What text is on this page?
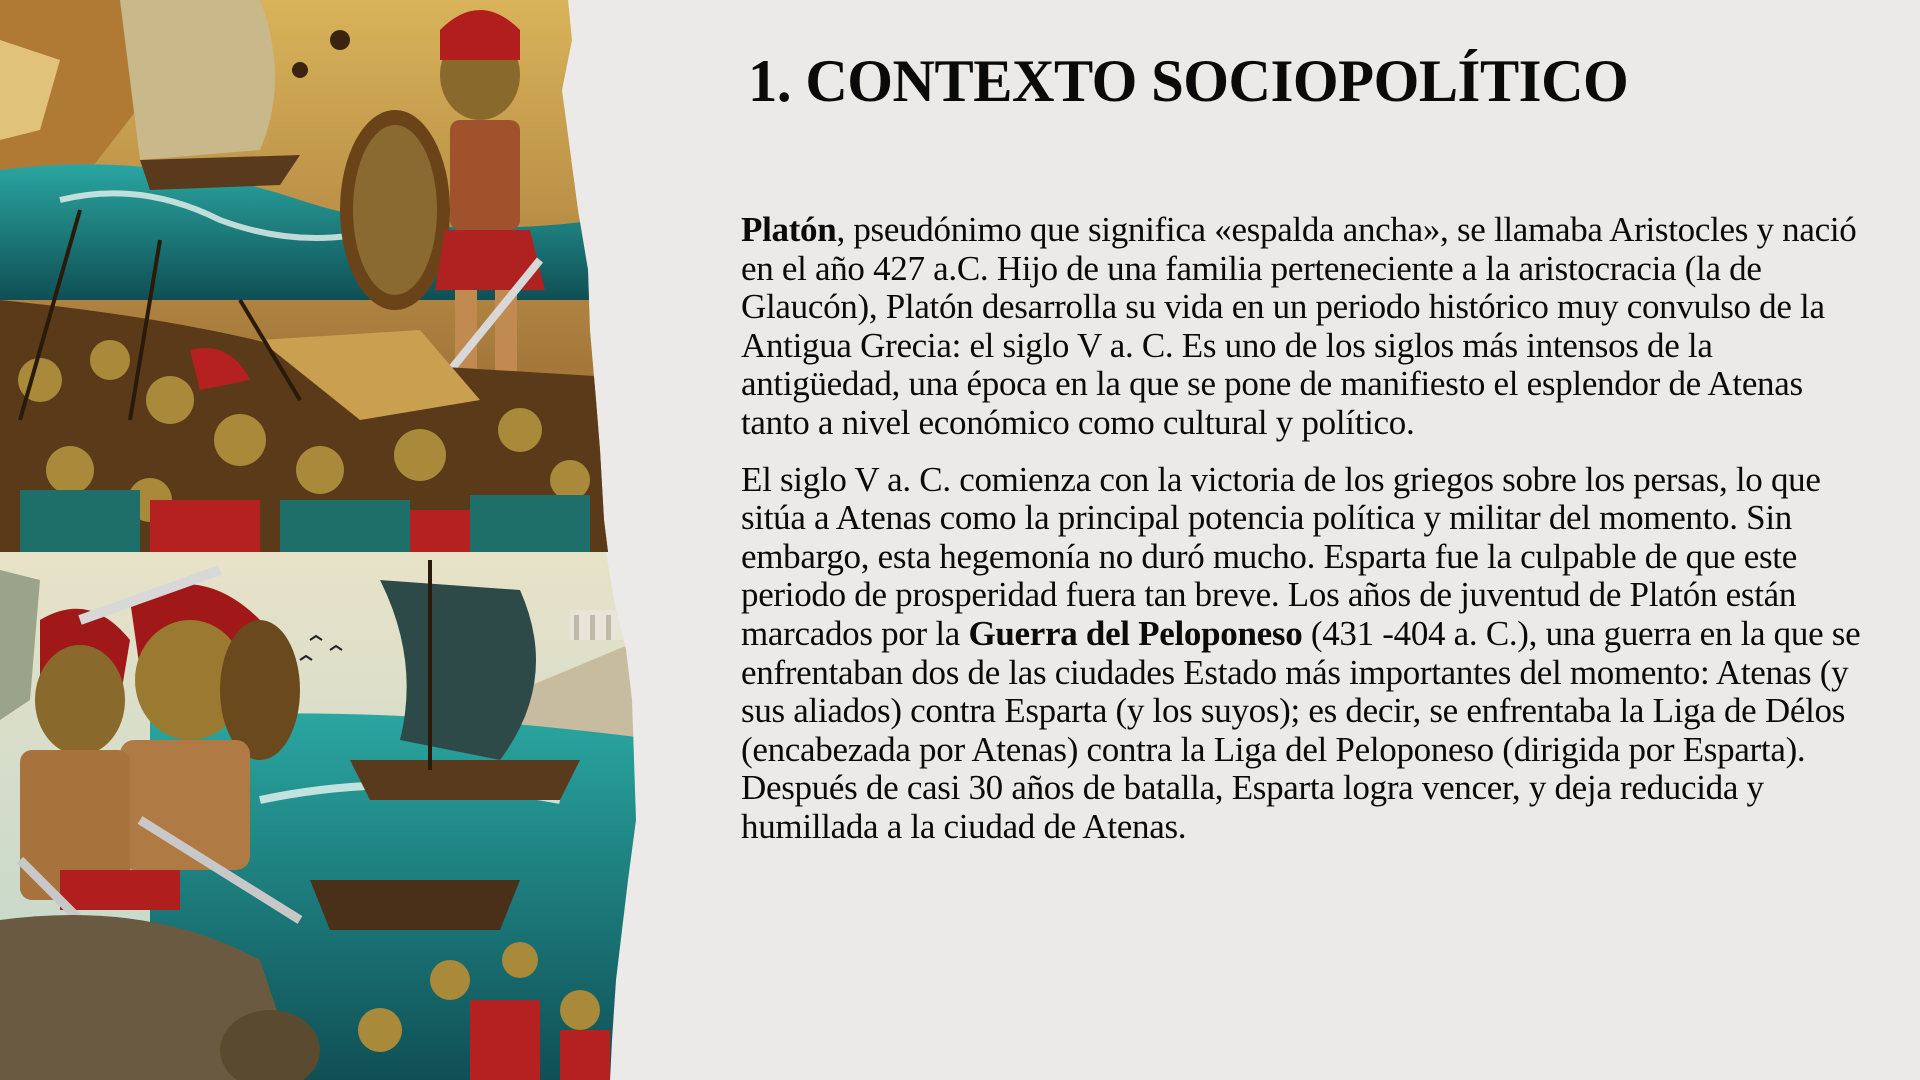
1. CONTEXTO SOCIOPOLÍTICO

Platón, pseudónimo que significa «espalda ancha», se llamaba Aristocles y nació en el año 427 a.C. Hijo de una familia perteneciente a la aristocracia (la de Glaucón), Platón desarrolla su vida en un periodo histórico muy convulso de la Antigua Grecia: el siglo V a. C. Es uno de los siglos más intensos de la antigüedad, una época en la que se pone de manifiesto el esplendor de Atenas tanto a nivel económico como cultural y político.

El siglo V a. C. comienza con la victoria de los griegos sobre los persas, lo que sitúa a Atenas como la principal potencia política y militar del momento. Sin embargo, esta hegemonía no duró mucho. Esparta fue la culpable de que este periodo de prosperidad fuera tan breve. Los años de juventud de Platón están marcados por la Guerra del Peloponeso (431 -404 a. C.), una guerra en la que se enfrentaban dos de las ciudades Estado más importantes del momento: Atenas (y sus aliados) contra Esparta (y los suyos); es decir, se enfrentaba la Liga de Délos (encabezada por Atenas) contra la Liga del Peloponeso (dirigida por Esparta). Después de casi 30 años de batalla, Esparta logra vencer, y deja reducida y humillada a la ciudad de Atenas.
